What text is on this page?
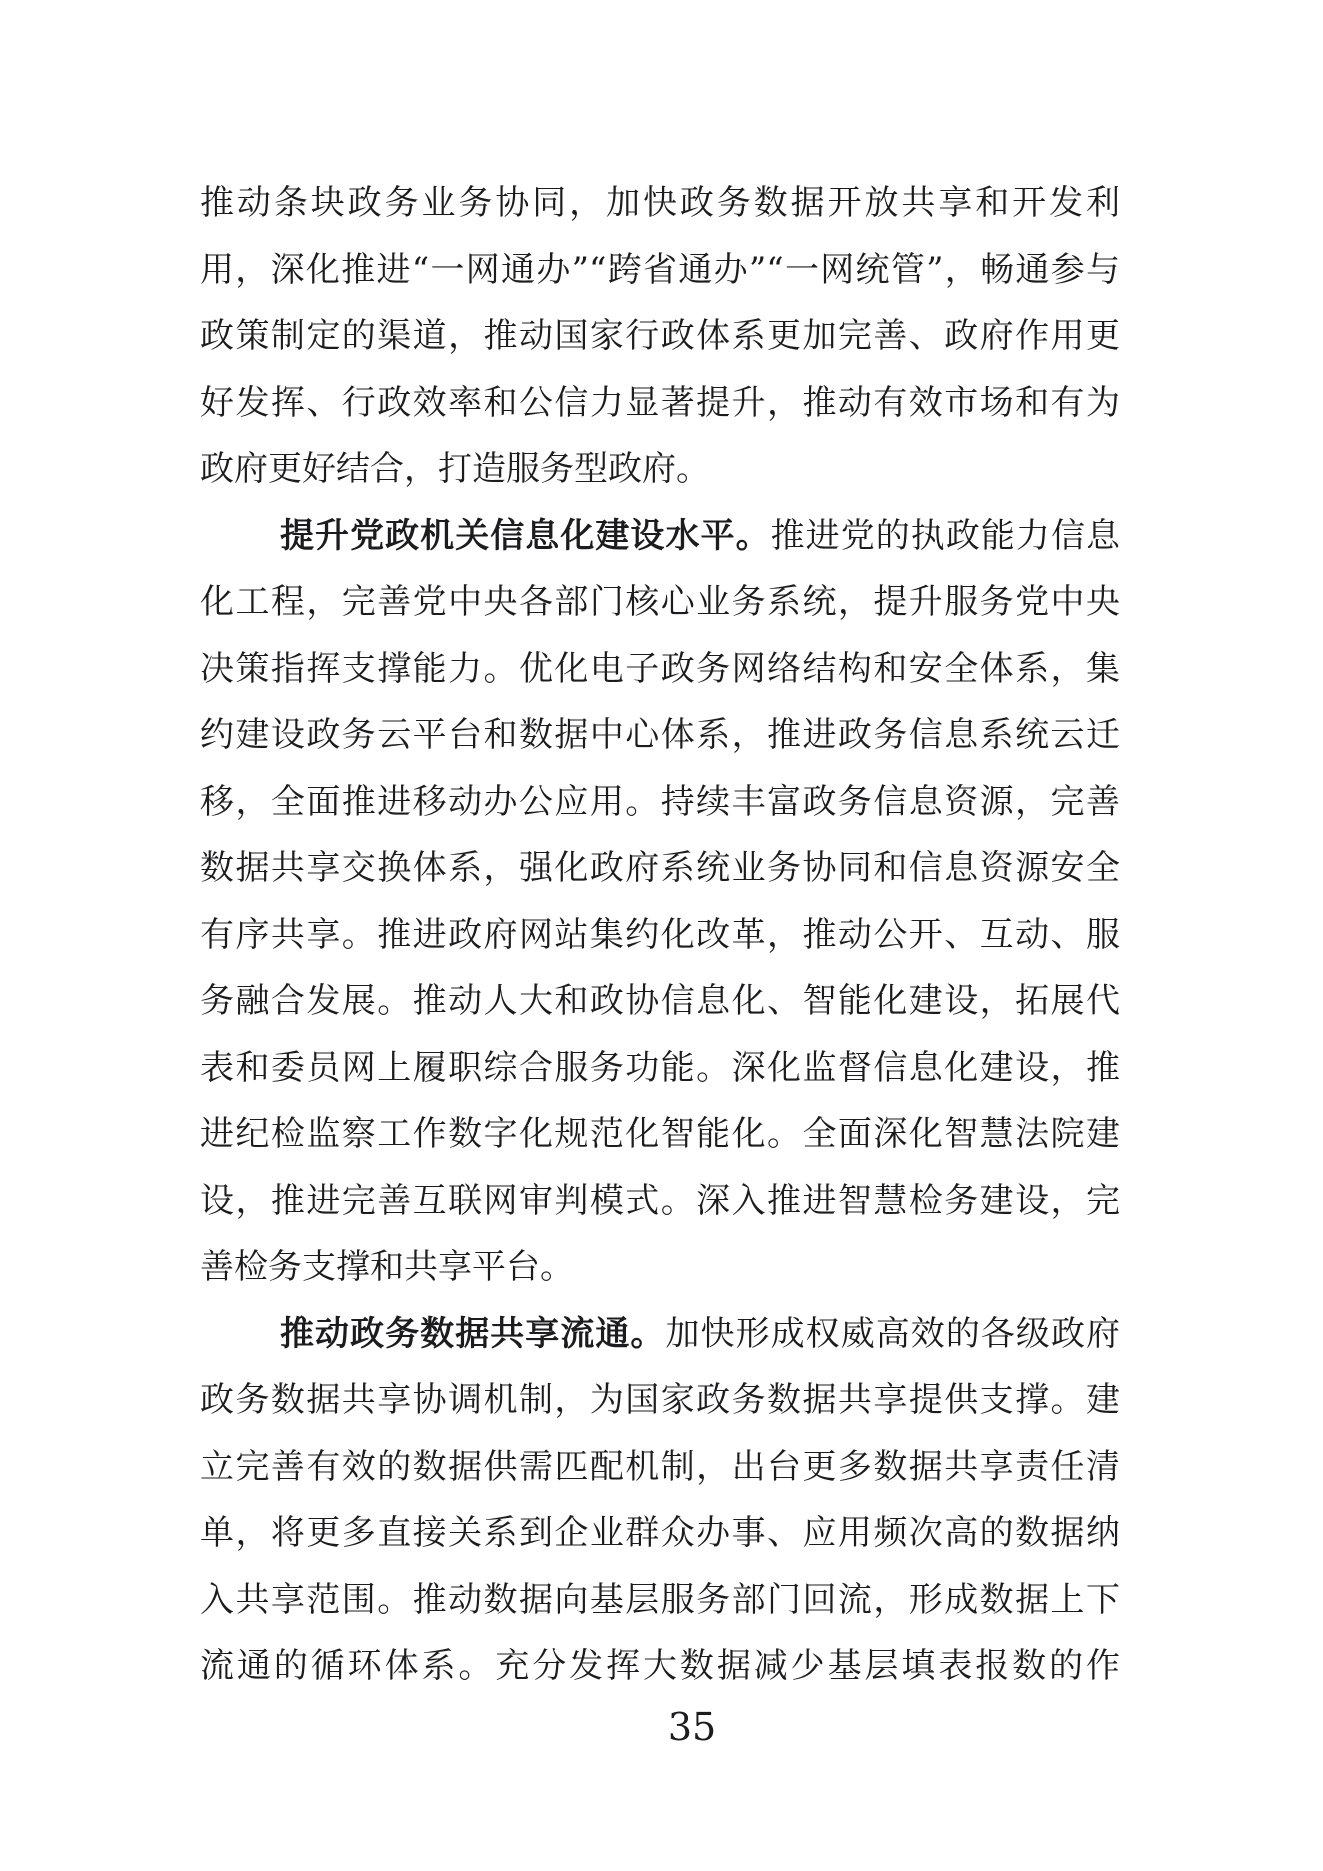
推动条块政务业务协同，加快政务数据开放共享和开发利
用，深化推进“一网通办”“跨省通办”“一网统管”，畅通参与
政策制定的渠道，推动国家行政体系更加完善、政府作用更
好发挥、行政效率和公信力显著提升，推动有效市场和有为
政府更好结合，打造服务型政府。
提升党政机关信息化建设水平。推进党的执政能力信息
化工程，完善党中央各部门核心业务系统，提升服务党中央
决策指挥支撑能力。优化电子政务网络结构和安全体系，集
约建设政务云平台和数据中心体系，推进政务信息系统云迁
移，全面推进移动办公应用。持续丰富政务信息资源，完善
数据共享交换体系，强化政府系统业务协同和信息资源安全
有序共享。推进政府网站集约化改革，推动公开、互动、服
务融合发展。推动人大和政协信息化、智能化建设，拓展代
表和委员网上履职综合服务功能。深化监督信息化建设，推
进纪检监察工作数字化规范化智能化。全面深化智慧法院建
设，推进完善互联网审判模式。深入推进智慧检务建设，完
善检务支撑和共享平台。
推动政务数据共享流通。加快形成权威高效的各级政府
政务数据共享协调机制，为国家政务数据共享提供支撑。建
立完善有效的数据供需匹配机制，出台更多数据共享责任清
单，将更多直接关系到企业群众办事、应用频次高的数据纳
入共享范围。推动数据向基层服务部门回流，形成数据上下
流通的循环体系。充分发挥大数据减少基层填表报数的作
35
